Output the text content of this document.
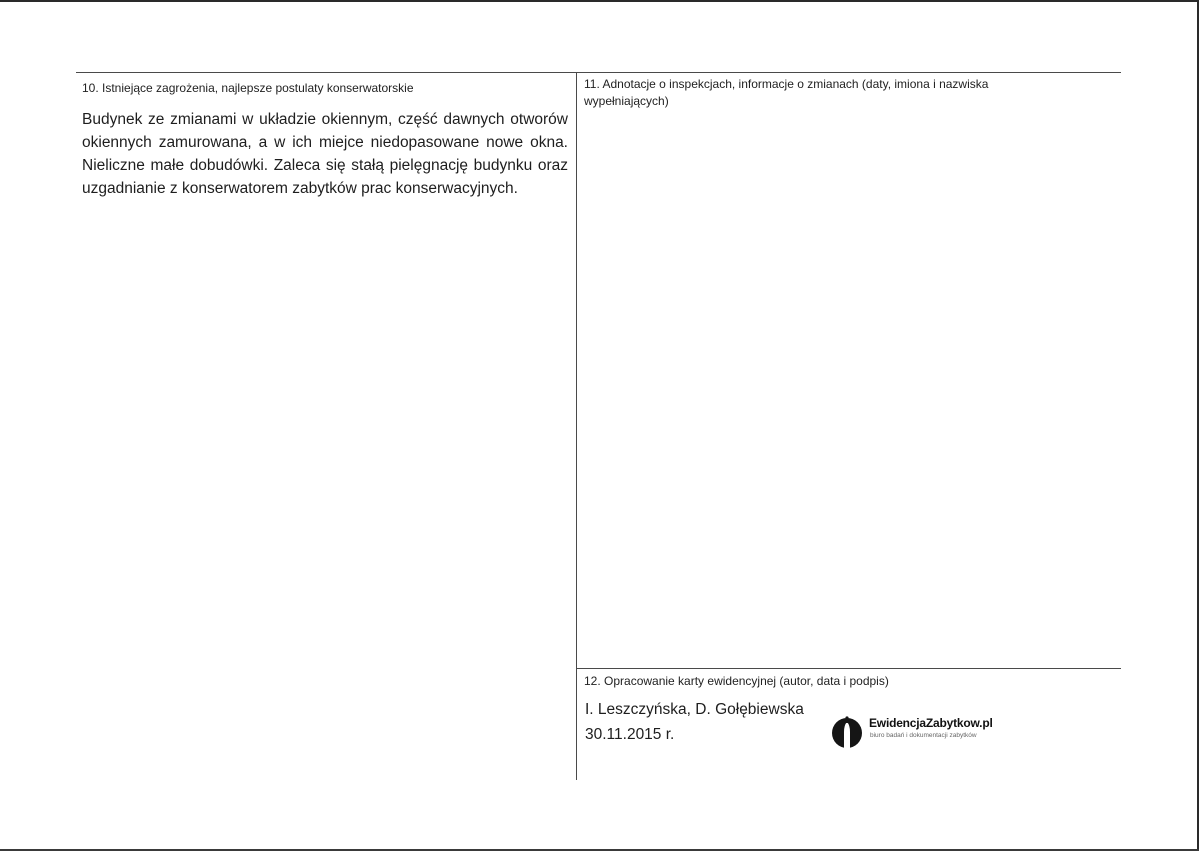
10. Istniejące zagrożenia, najlepsze postulaty konserwatorskie
Budynek ze zmianami w układzie okiennym, część dawnych otworów okiennych zamurowana, a w ich miejce niedopasowane nowe okna. Nieliczne małe dobudówki. Zaleca się stałą pielęgnację budynku oraz uzgadnianie z konserwatorem zabytków prac konserwacyjnych.
11. Adnotacje o inspekcjach, informacje o zmianach (daty, imiona i nazwiska
wypełniających)
12. Opracowanie karty ewidencyjnej (autor, data i podpis)
I. Leszczyńska, D. Gołębiewska
30.11.2015 r.
EwidencjaZabytkow.pl
biuro badań i dokumentacji zabytków
